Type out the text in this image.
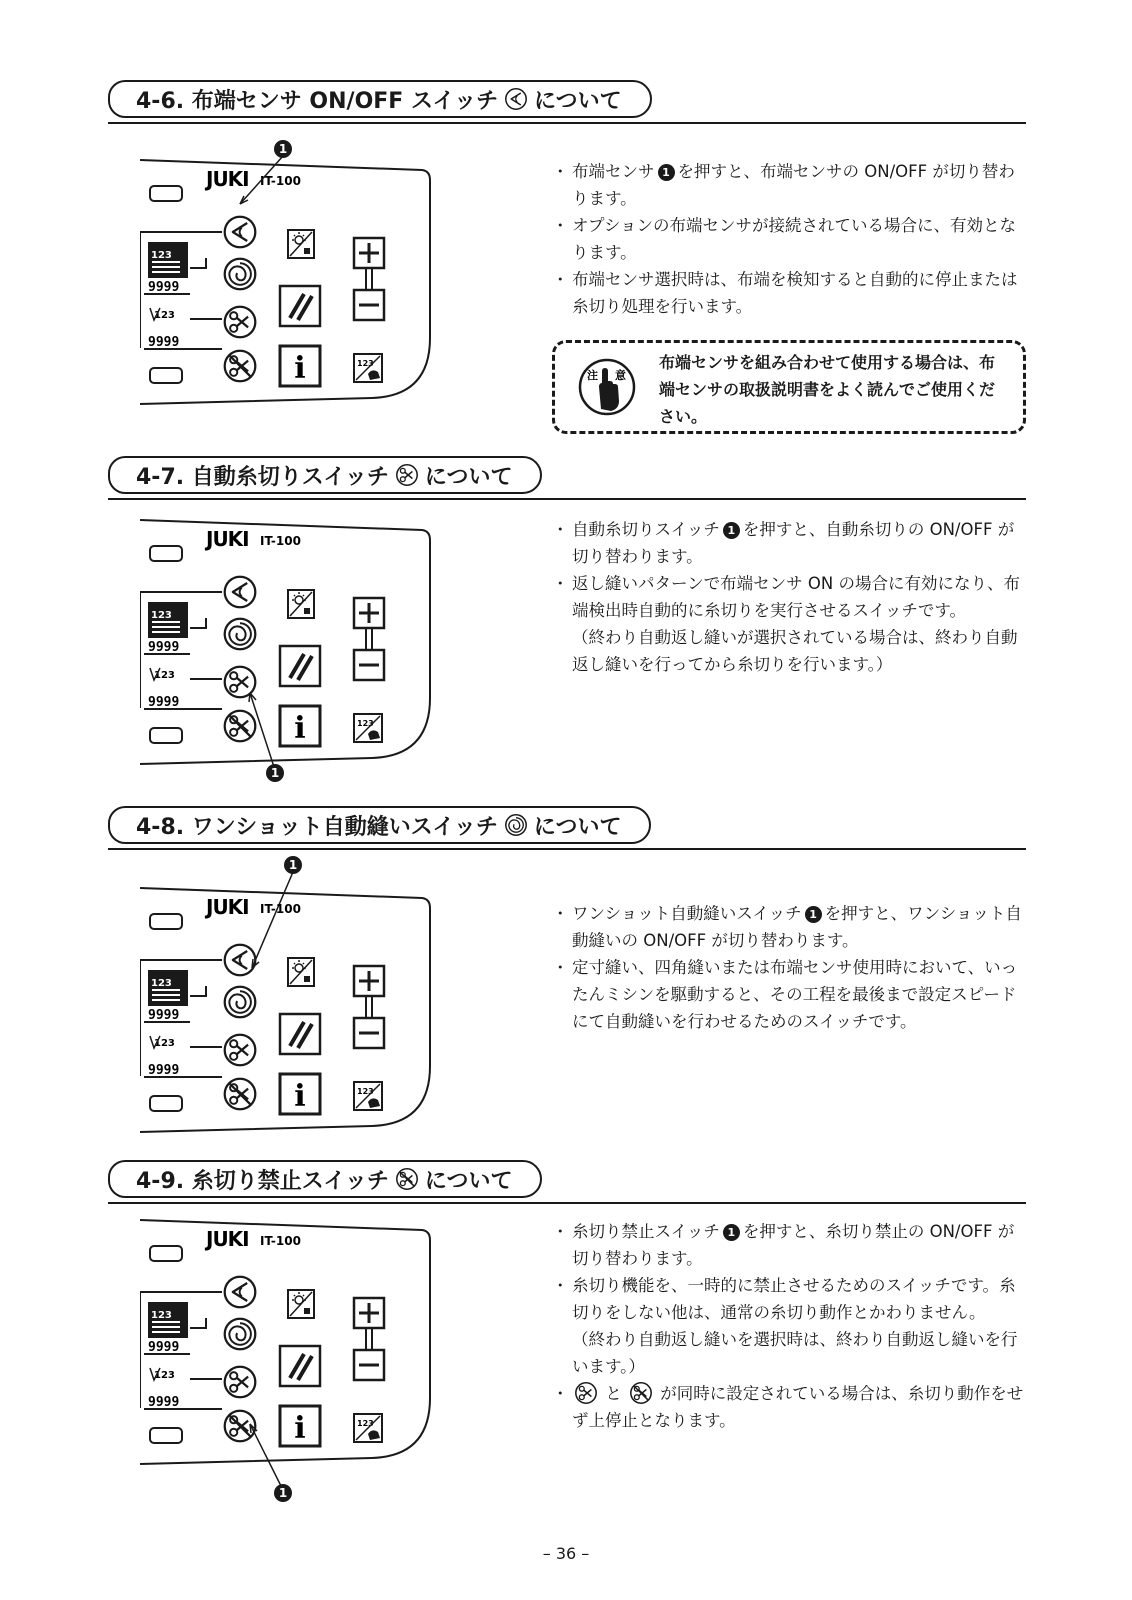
4-6. 布端センサ ON/OFF スイッチ について
1

・ 布端センサ 1 を押すと、布端センサの ON/OFF が切り替わります。

・ オプションの布端センサが接続されている場合に、有効となります。

・ 布端センサ選択時は、布端を検知すると自動的に停止または糸切り処理を行います。

注 意
布端センサを組み合わせて使用する場合は、布端センサの取扱説明書をよく読んでご使用ください。
4-7. 自動糸切りスイッチ について
1

・ 自動糸切りスイッチ 1 を押すと、自動糸切りの ON/OFF が切り替わります。

・ 返し縫いパターンで布端センサ ON の場合に有効になり、布端検出時自動的に糸切りを実行させるスイッチです。

（終わり自動返し縫いが選択されている場合は、終わり自動返し縫いを行ってから糸切りを行います。）

4-8. ワンショット自動縫いスイッチ について
1

・ ワンショット自動縫いスイッチ 1 を押すと、ワンショット自動縫いの ON/OFF が切り替わります。

・ 定寸縫い、四角縫いまたは布端センサ使用時において、いったんミシンを駆動すると、その工程を最後まで設定スピードにて自動縫いを行わせるためのスイッチです。

4-9. 糸切り禁止スイッチ について
1

・ 糸切り禁止スイッチ 1 を押すと、糸切り禁止の ON/OFF が切り替わります。

・ 糸切り機能を、一時的に禁止させるためのスイッチです。糸切りをしない他は、通常の糸切り動作とかわりません。

（終わり自動返し縫いを選択時は、終わり自動返し縫いを行います。）

・ と が同時に設定されている場合は、糸切り動作をせず上停止となります。

– 36 –
